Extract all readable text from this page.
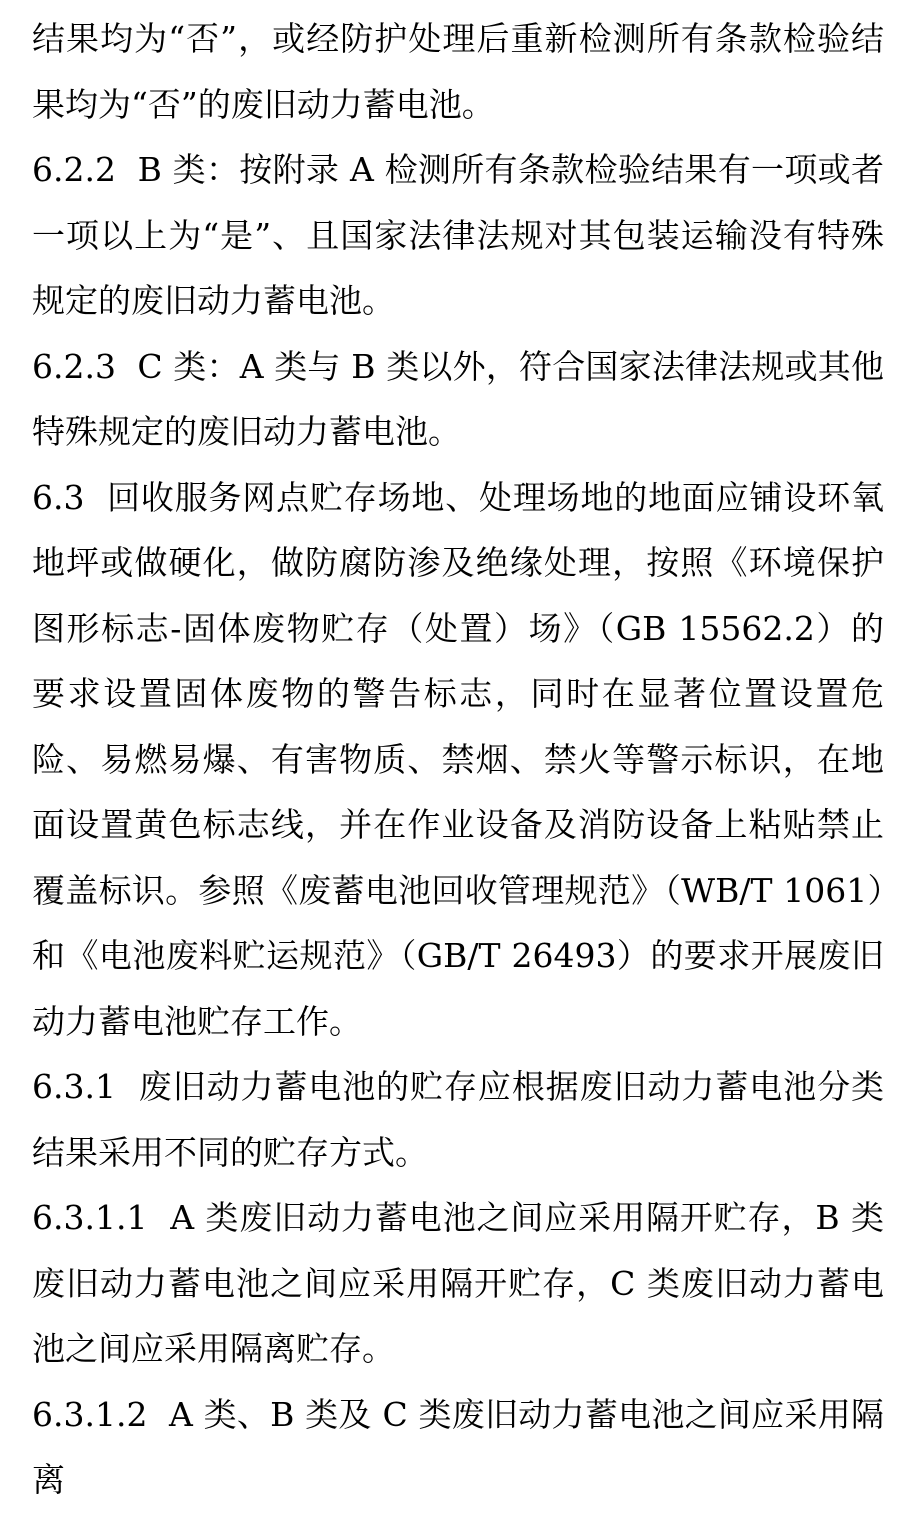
结果均为“否”，或经防护处理后重新检测所有条款检验结果均为“否”的废旧动力蓄电池。

6.2.2 B 类：按附录 A 检测所有条款检验结果有一项或者一项以上为“是”、且国家法律法规对其包装运输没有特殊规定的废旧动力蓄电池。

6.2.3 C 类：A 类与 B 类以外，符合国家法律法规或其他特殊规定的废旧动力蓄电池。

6.3 回收服务网点贮存场地、处理场地的地面应铺设环氧地坪或做硬化，做防腐防渗及绝缘处理，按照《环境保护图形标志-固体废物贮存（处置）场》（GB 15562.2）的要求设置固体废物的警告标志，同时在显著位置设置危险、易燃易爆、有害物质、禁烟、禁火等警示标识，在地面设置黄色标志线，并在作业设备及消防设备上粘贴禁止覆盖标识。参照《废蓄电池回收管理规范》（WB/T 1061）和《电池废料贮运规范》（GB/T 26493）的要求开展废旧动力蓄电池贮存工作。

6.3.1 废旧动力蓄电池的贮存应根据废旧动力蓄电池分类结果采用不同的贮存方式。

6.3.1.1 A 类废旧动力蓄电池之间应采用隔开贮存，B 类废旧动力蓄电池之间应采用隔开贮存，C 类废旧动力蓄电池之间应采用隔离贮存。

6.3.1.2 A 类、B 类及 C 类废旧动力蓄电池之间应采用隔离
